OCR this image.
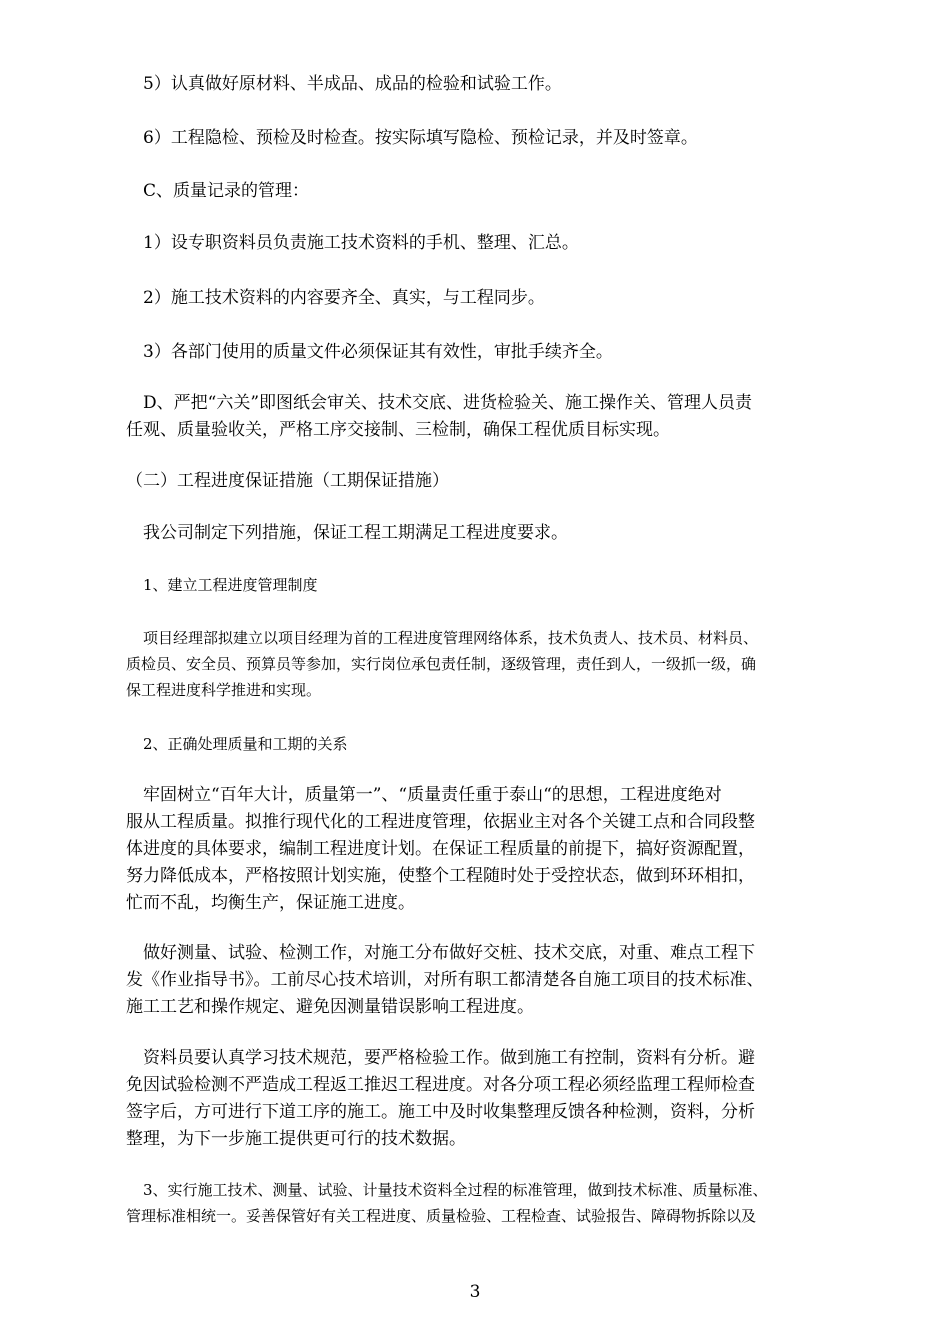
5）认真做好原材料、半成品、成品的检验和试验工作。

6）工程隐检、预检及时检查。按实际填写隐检、预检记录，并及时签章。

C、质量记录的管理：

1）设专职资料员负责施工技术资料的手机、整理、汇总。

2）施工技术资料的内容要齐全、真实，与工程同步。

3）各部门使用的质量文件必须保证其有效性，审批手续齐全。

D、严把“六关”即图纸会审关、技术交底、进货检验关、施工操作关、管理人员责

任观、质量验收关，严格工序交接制、三检制，确保工程优质目标实现。

（二）工程进度保证措施（工期保证措施）

我公司制定下列措施，保证工程工期满足工程进度要求。

1、建立工程进度管理制度

项目经理部拟建立以项目经理为首的工程进度管理网络体系，技术负责人、技术员、材料员、

质检员、安全员、预算员等参加，实行岗位承包责任制，逐级管理，责任到人，一级抓一级，确

保工程进度科学推进和实现。

2、正确处理质量和工期的关系

牢固树立“百年大计，质量第一”、“质量责任重于泰山“的思想，工程进度绝对

服从工程质量。拟推行现代化的工程进度管理，依据业主对各个关键工点和合同段整

体进度的具体要求，编制工程进度计划。在保证工程质量的前提下，搞好资源配置，

努力降低成本，严格按照计划实施，使整个工程随时处于受控状态，做到环环相扣，

忙而不乱，均衡生产，保证施工进度。

做好测量、试验、检测工作，对施工分布做好交桩、技术交底，对重、难点工程下

发《作业指导书》。工前尽心技术培训，对所有职工都清楚各自施工项目的技术标准、

施工工艺和操作规定、避免因测量错误影响工程进度。

资料员要认真学习技术规范，要严格检验工作。做到施工有控制，资料有分析。避

免因试验检测不严造成工程返工推迟工程进度。对各分项工程必须经监理工程师检查

签字后，方可进行下道工序的施工。施工中及时收集整理反馈各种检测，资料，分析

整理，为下一步施工提供更可行的技术数据。

3、实行施工技术、测量、试验、计量技术资料全过程的标准管理，做到技术标准、质量标准、

管理标准相统一。妥善保管好有关工程进度、质量检验、工程检查、试验报告、障碍物拆除以及

3
